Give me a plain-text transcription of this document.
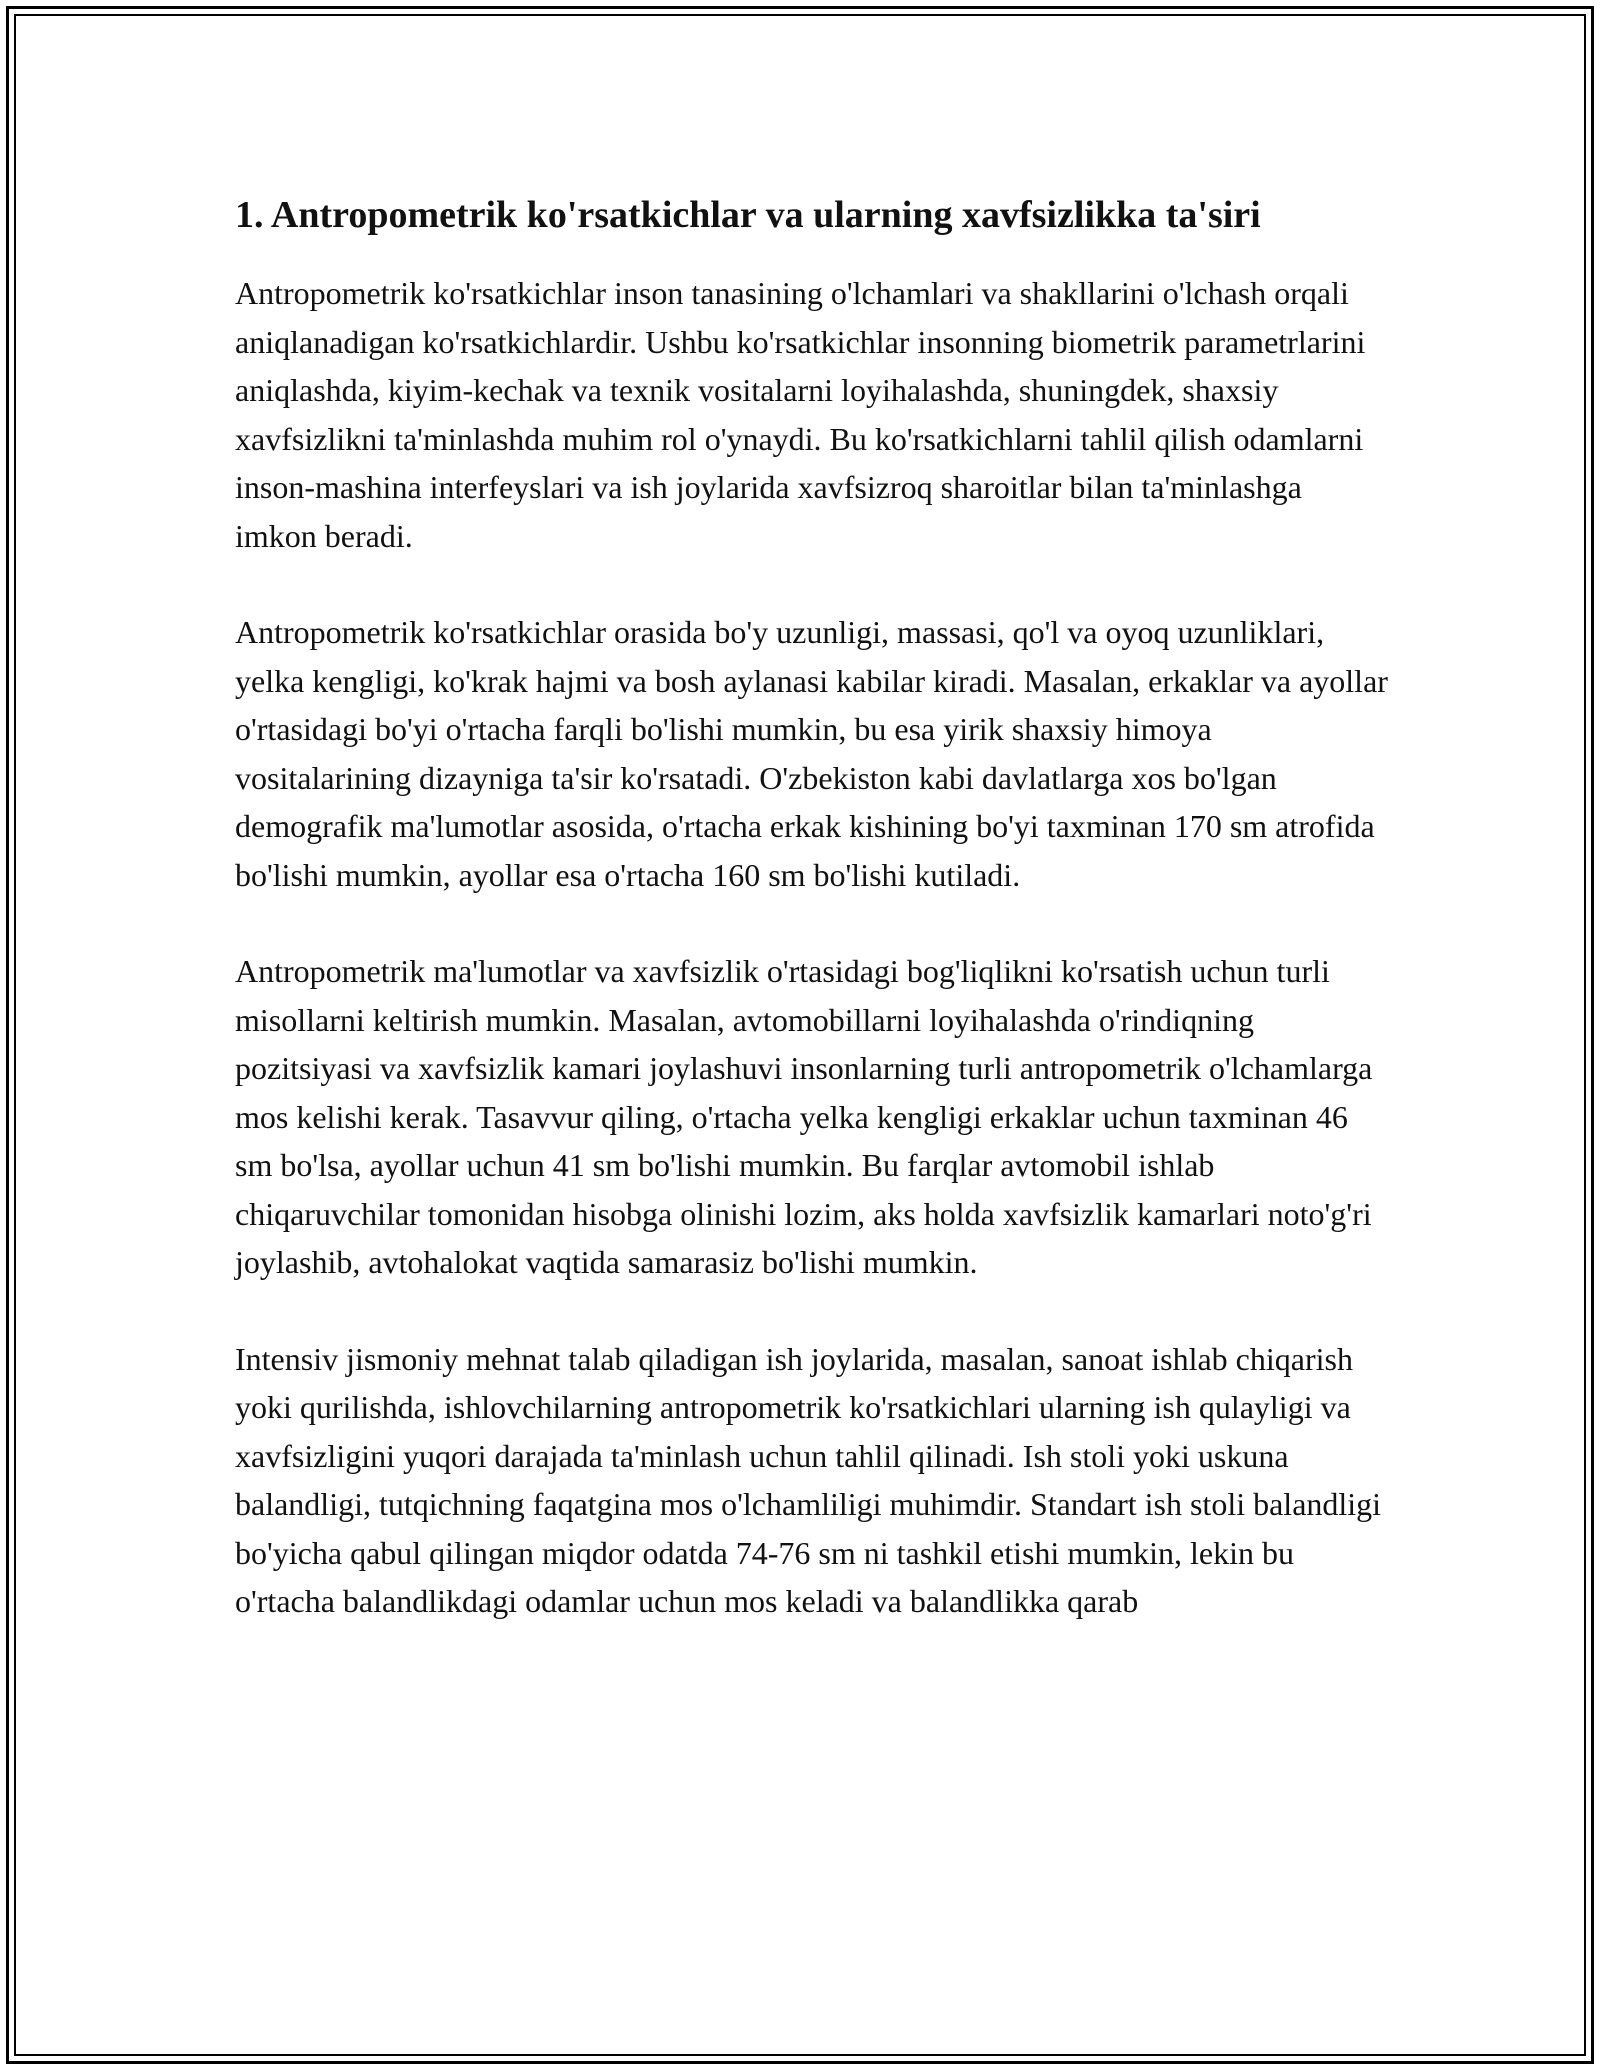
1. Antropometrik ko'rsatkichlar va ularning xavfsizlikka ta'siri

Antropometrik ko'rsatkichlar inson tanasining o'lchamlari va shakllarini o'lchash orqali aniqlanadigan ko'rsatkichlardir. Ushbu ko'rsatkichlar insonning biometrik parametrlarini aniqlashda, kiyim-kechak va texnik vositalarni loyihalashda, shuningdek, shaxsiy xavfsizlikni ta'minlashda muhim rol o'ynaydi. Bu ko'rsatkichlarni tahlil qilish odamlarni inson-mashina interfeyslari va ish joylarida xavfsizroq sharoitlar bilan ta'minlashga imkon beradi.

Antropometrik ko'rsatkichlar orasida bo'y uzunligi, massasi, qo'l va oyoq uzunliklari, yelka kengligi, ko'krak hajmi va bosh aylanasi kabilar kiradi. Masalan, erkaklar va ayollar o'rtasidagi bo'yi o'rtacha farqli bo'lishi mumkin, bu esa yirik shaxsiy himoya vositalarining dizayniga ta'sir ko'rsatadi. O'zbekiston kabi davlatlarga xos bo'lgan demografik ma'lumotlar asosida, o'rtacha erkak kishining bo'yi taxminan 170 sm atrofida bo'lishi mumkin, ayollar esa o'rtacha 160 sm bo'lishi kutiladi.

Antropometrik ma'lumotlar va xavfsizlik o'rtasidagi bog'liqlikni ko'rsatish uchun turli misollarni keltirish mumkin. Masalan, avtomobillarni loyihalashda o'rindiqning pozitsiyasi va xavfsizlik kamari joylashuvi insonlarning turli antropometrik o'lchamlarga mos kelishi kerak. Tasavvur qiling, o'rtacha yelka kengligi erkaklar uchun taxminan 46 sm bo'lsa, ayollar uchun 41 sm bo'lishi mumkin. Bu farqlar avtomobil ishlab chiqaruvchilar tomonidan hisobga olinishi lozim, aks holda xavfsizlik kamarlari noto'g'ri joylashib, avtohalokat vaqtida samarasiz bo'lishi mumkin.

Intensiv jismoniy mehnat talab qiladigan ish joylarida, masalan, sanoat ishlab chiqarish yoki qurilishda, ishlovchilarning antropometrik ko'rsatkichlari ularning ish qulayligi va xavfsizligini yuqori darajada ta'minlash uchun tahlil qilinadi. Ish stoli yoki uskuna balandligi, tutqichning faqatgina mos o'lchamliligi muhimdir. Standart ish stoli balandligi bo'yicha qabul qilingan miqdor odatda 74-76 sm ni tashkil etishi mumkin, lekin bu o'rtacha balandlikdagi odamlar uchun mos keladi va balandlikka qarab
